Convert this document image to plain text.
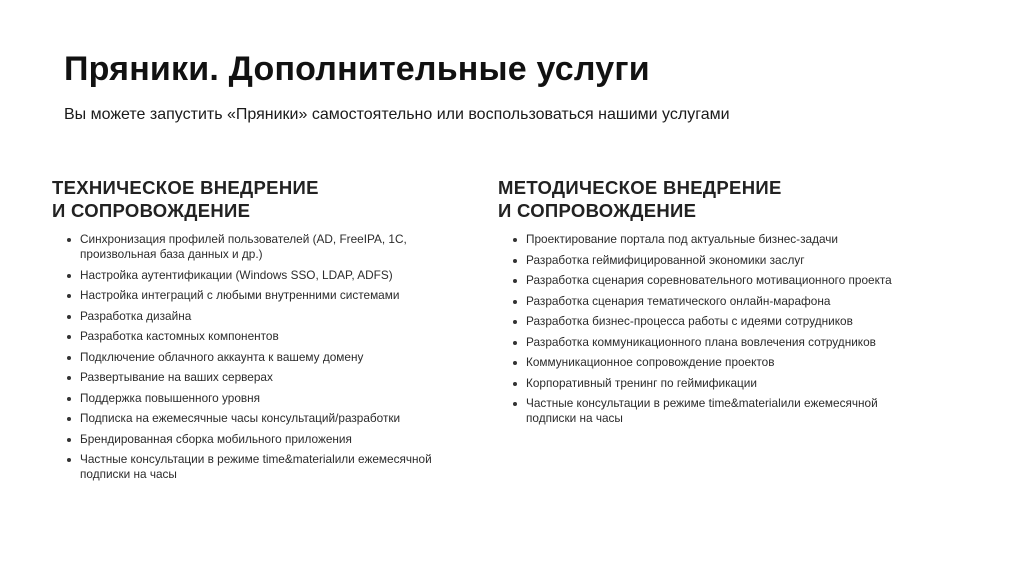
Пряники. Дополнительные услуги

Вы можете запустить «Пряники» самостоятельно или воспользоваться нашими услугами

ТЕХНИЧЕСКОЕ ВНЕДРЕНИЕ
И СОПРОВОЖДЕНИЕ
Синхронизация профилей пользователей (AD, FreeIPA, 1С, произвольная база данных и др.)
Настройка аутентификации (Windows SSO, LDAP, ADFS)
Настройка интеграций с любыми внутренними системами
Разработка дизайна
Разработка кастомных компонентов
Подключение облачного аккаунта к вашему домену
Развертывание на ваших серверах
Поддержка повышенного уровня
Подписка на ежемесячные часы консультаций/разработки
Брендированная сборка мобильного приложения
Частные консультации в режиме time&materialили ежемесячной подписки на часы
МЕТОДИЧЕСКОЕ ВНЕДРЕНИЕ
И СОПРОВОЖДЕНИЕ
Проектирование портала под актуальные бизнес-задачи
Разработка геймифицированной экономики заслуг
Разработка сценария соревновательного мотивационного проекта
Разработка сценария тематического онлайн-марафона
Разработка бизнес-процесса работы с идеями сотрудников
Разработка коммуникационного плана вовлечения сотрудников
Коммуникационное сопровождение проектов
Корпоративный тренинг по геймификации
Частные консультации в режиме time&materialили ежемесячной подписки на часы
